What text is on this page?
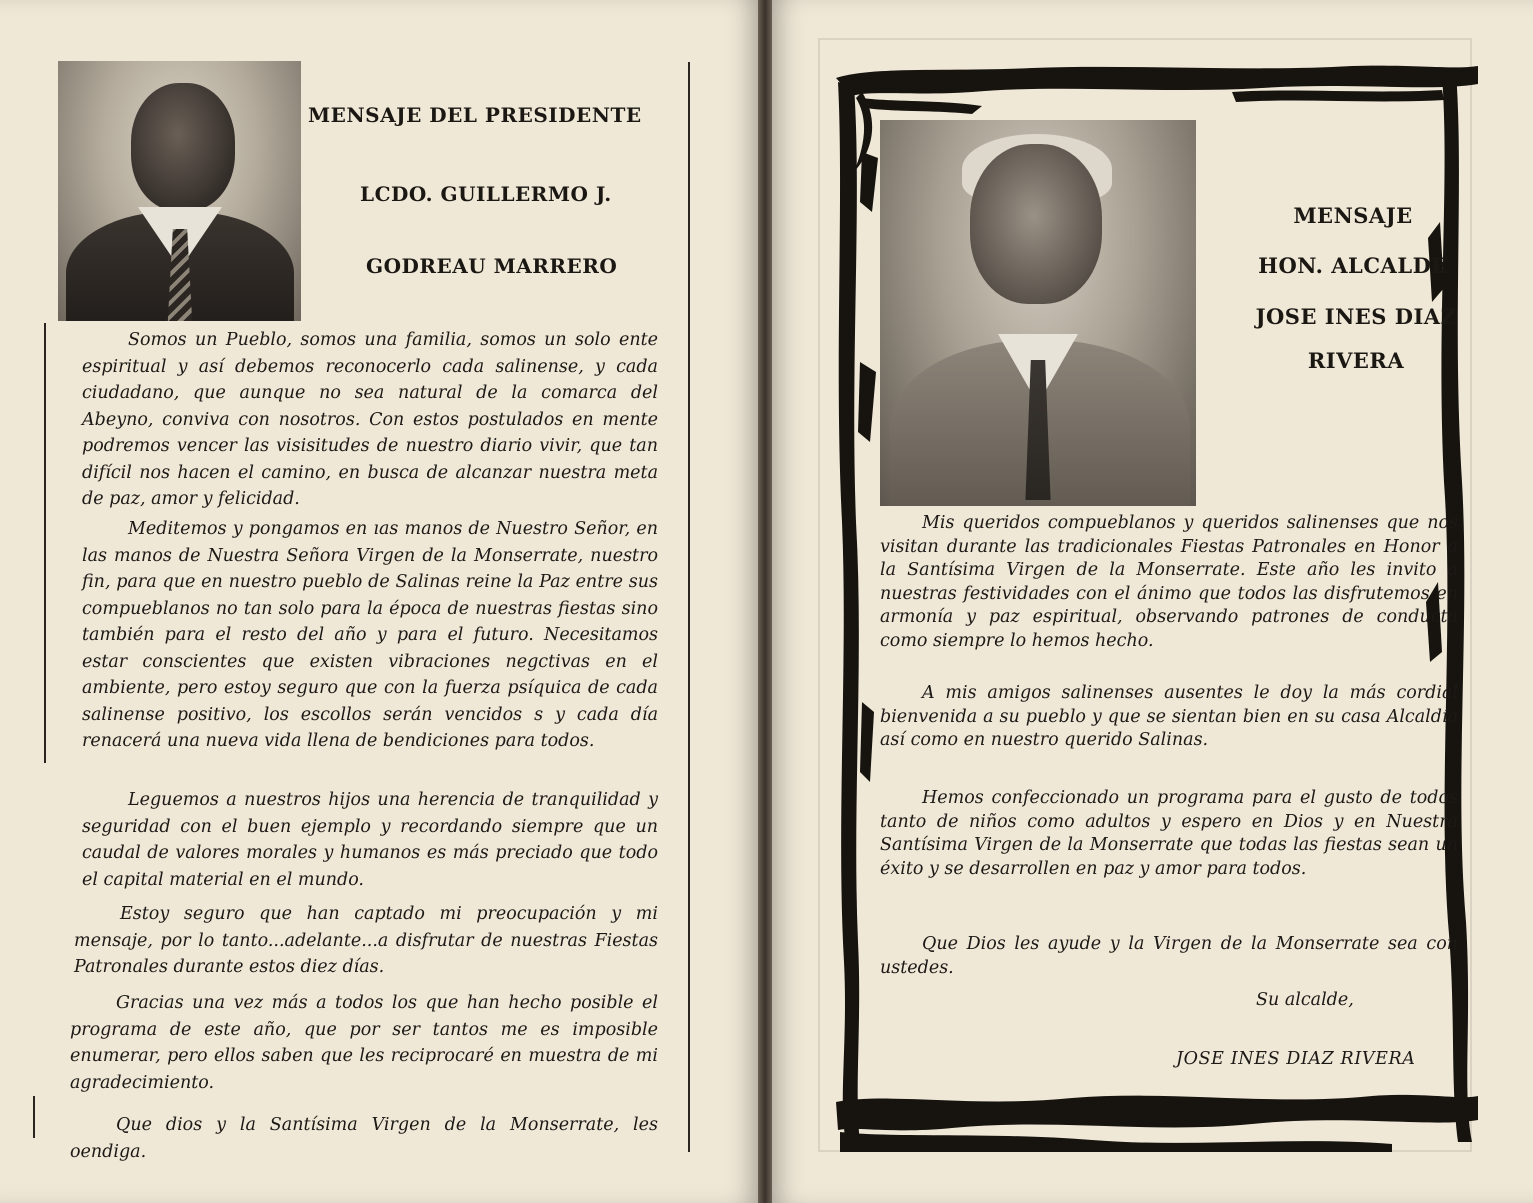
MENSAJE DEL PRESIDENTE
LCDO. GUILLERMO J.
GODREAU MARRERO

Somos un Pueblo, somos una familia, somos un solo ente espiritual y así debemos reconocerlo cada salinense, y cada ciudadano, que aunque no sea natural de la comarca del Abeyno, conviva con nosotros. Con estos postulados en mente podremos vencer las visisitudes de nuestro diario vivir, que tan difícil nos hacen el camino, en busca de alcanzar nuestra meta de paz, amor y felicidad.

Meditemos y pongamos en ıas manos de Nuestro Señor, en las manos de Nuestra Señora Virgen de la Monserrate, nuestro fin, para que en nuestro pueblo de Salinas reine la Paz entre sus compueblanos no tan solo para la época de nuestras fiestas sino también para el resto del año y para el futuro. Necesitamos estar conscientes que existen vibraciones negctivas en el ambiente, pero estoy seguro que con la fuerza psíquica de cada salinense positivo, los escollos serán vencidos s y cada día renacerá una nueva vida llena de bendiciones para todos.

Leguemos a nuestros hijos una herencia de tranquilidad y seguridad con el buen ejemplo y recordando siempre que un caudal de valores morales y humanos es más preciado que todo el capital material en el mundo.

Estoy seguro que han captado mi preocupación y mi mensaje, por lo tanto...adelante...a disfrutar de nuestras Fiestas Patronales durante estos diez días.

Gracias una vez más a todos los que han hecho posible el programa de este año, que por ser tantos me es imposible enumerar, pero ellos saben que les reciprocaré en muestra de mi agradecimiento.

Que dios y la Santísima Virgen de la Monserrate, les oendiga.

MENSAJE
HON. ALCALDE
JOSE INES DIAZ
RIVERA

Mis queridos compueblanos y queridos salinenses que nos visitan durante las tradicionales Fiestas Patronales en Honor a la Santísima Virgen de la Monserrate. Este año les invito a nuestras festividades con el ánimo que todos las disfrutemos en armonía y paz espiritual, observando patrones de conducta como siempre lo hemos hecho.

A mis amigos salinenses ausentes le doy la más cordial bienvenida a su pueblo y que se sientan bien en su casa Alcaldía así como en nuestro querido Salinas.

Hemos confeccionado un programa para el gusto de todos tanto de niños como adultos y espero en Dios y en Nuestra Santísima Virgen de la Monserrate que todas las fiestas sean un éxito y se desarrollen en paz y amor para todos.

Que Dios les ayude y la Virgen de la Monserrate sea con ustedes.

Su alcalde,
JOSE INES DIAZ RIVERA
